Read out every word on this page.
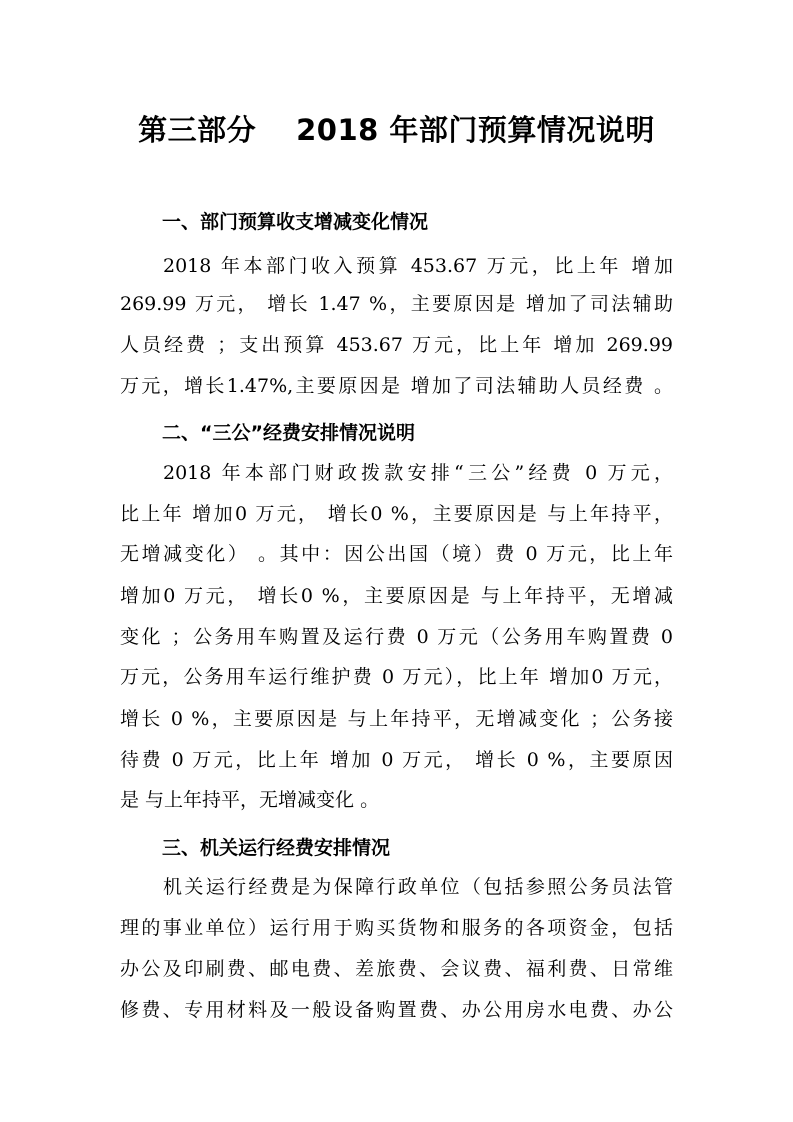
第三部分 2018 年部门预算情况说明
一、部门预算收支增减变化情况
2018 年本部门收入预算 453.67 万元，比上年 增加
269.99 万元， 增长 1.47 %，主要原因是 增加了司法辅助
人员经费 ；支出预算 453.67 万元，比上年 增加 269.99
万元，增长1.47%,主要原因是 增加了司法辅助人员经费 。
二、“三公”经费安排情况说明
2018 年本部门财政拨款安排“三公”经费 0 万元，
比上年 增加0 万元， 增长0 %，主要原因是 与上年持平，
无增减变化） 。其中：因公出国（境）费 0 万元，比上年
增加0 万元， 增长0 %，主要原因是 与上年持平，无增减
变化 ；公务用车购置及运行费 0 万元（公务用车购置费 0
万元，公务用车运行维护费 0 万元），比上年 增加0 万元，
增长 0 %，主要原因是 与上年持平，无增减变化 ；公务接
待费 0 万元，比上年 增加 0 万元， 增长 0 %，主要原因
是 与上年持平，无增减变化 。
三、机关运行经费安排情况
机关运行经费是为保障行政单位（包括参照公务员法管
理的事业单位）运行用于购买货物和服务的各项资金，包括
办公及印刷费、邮电费、差旅费、会议费、福利费、日常维
修费、专用材料及一般设备购置费、办公用房水电费、办公
